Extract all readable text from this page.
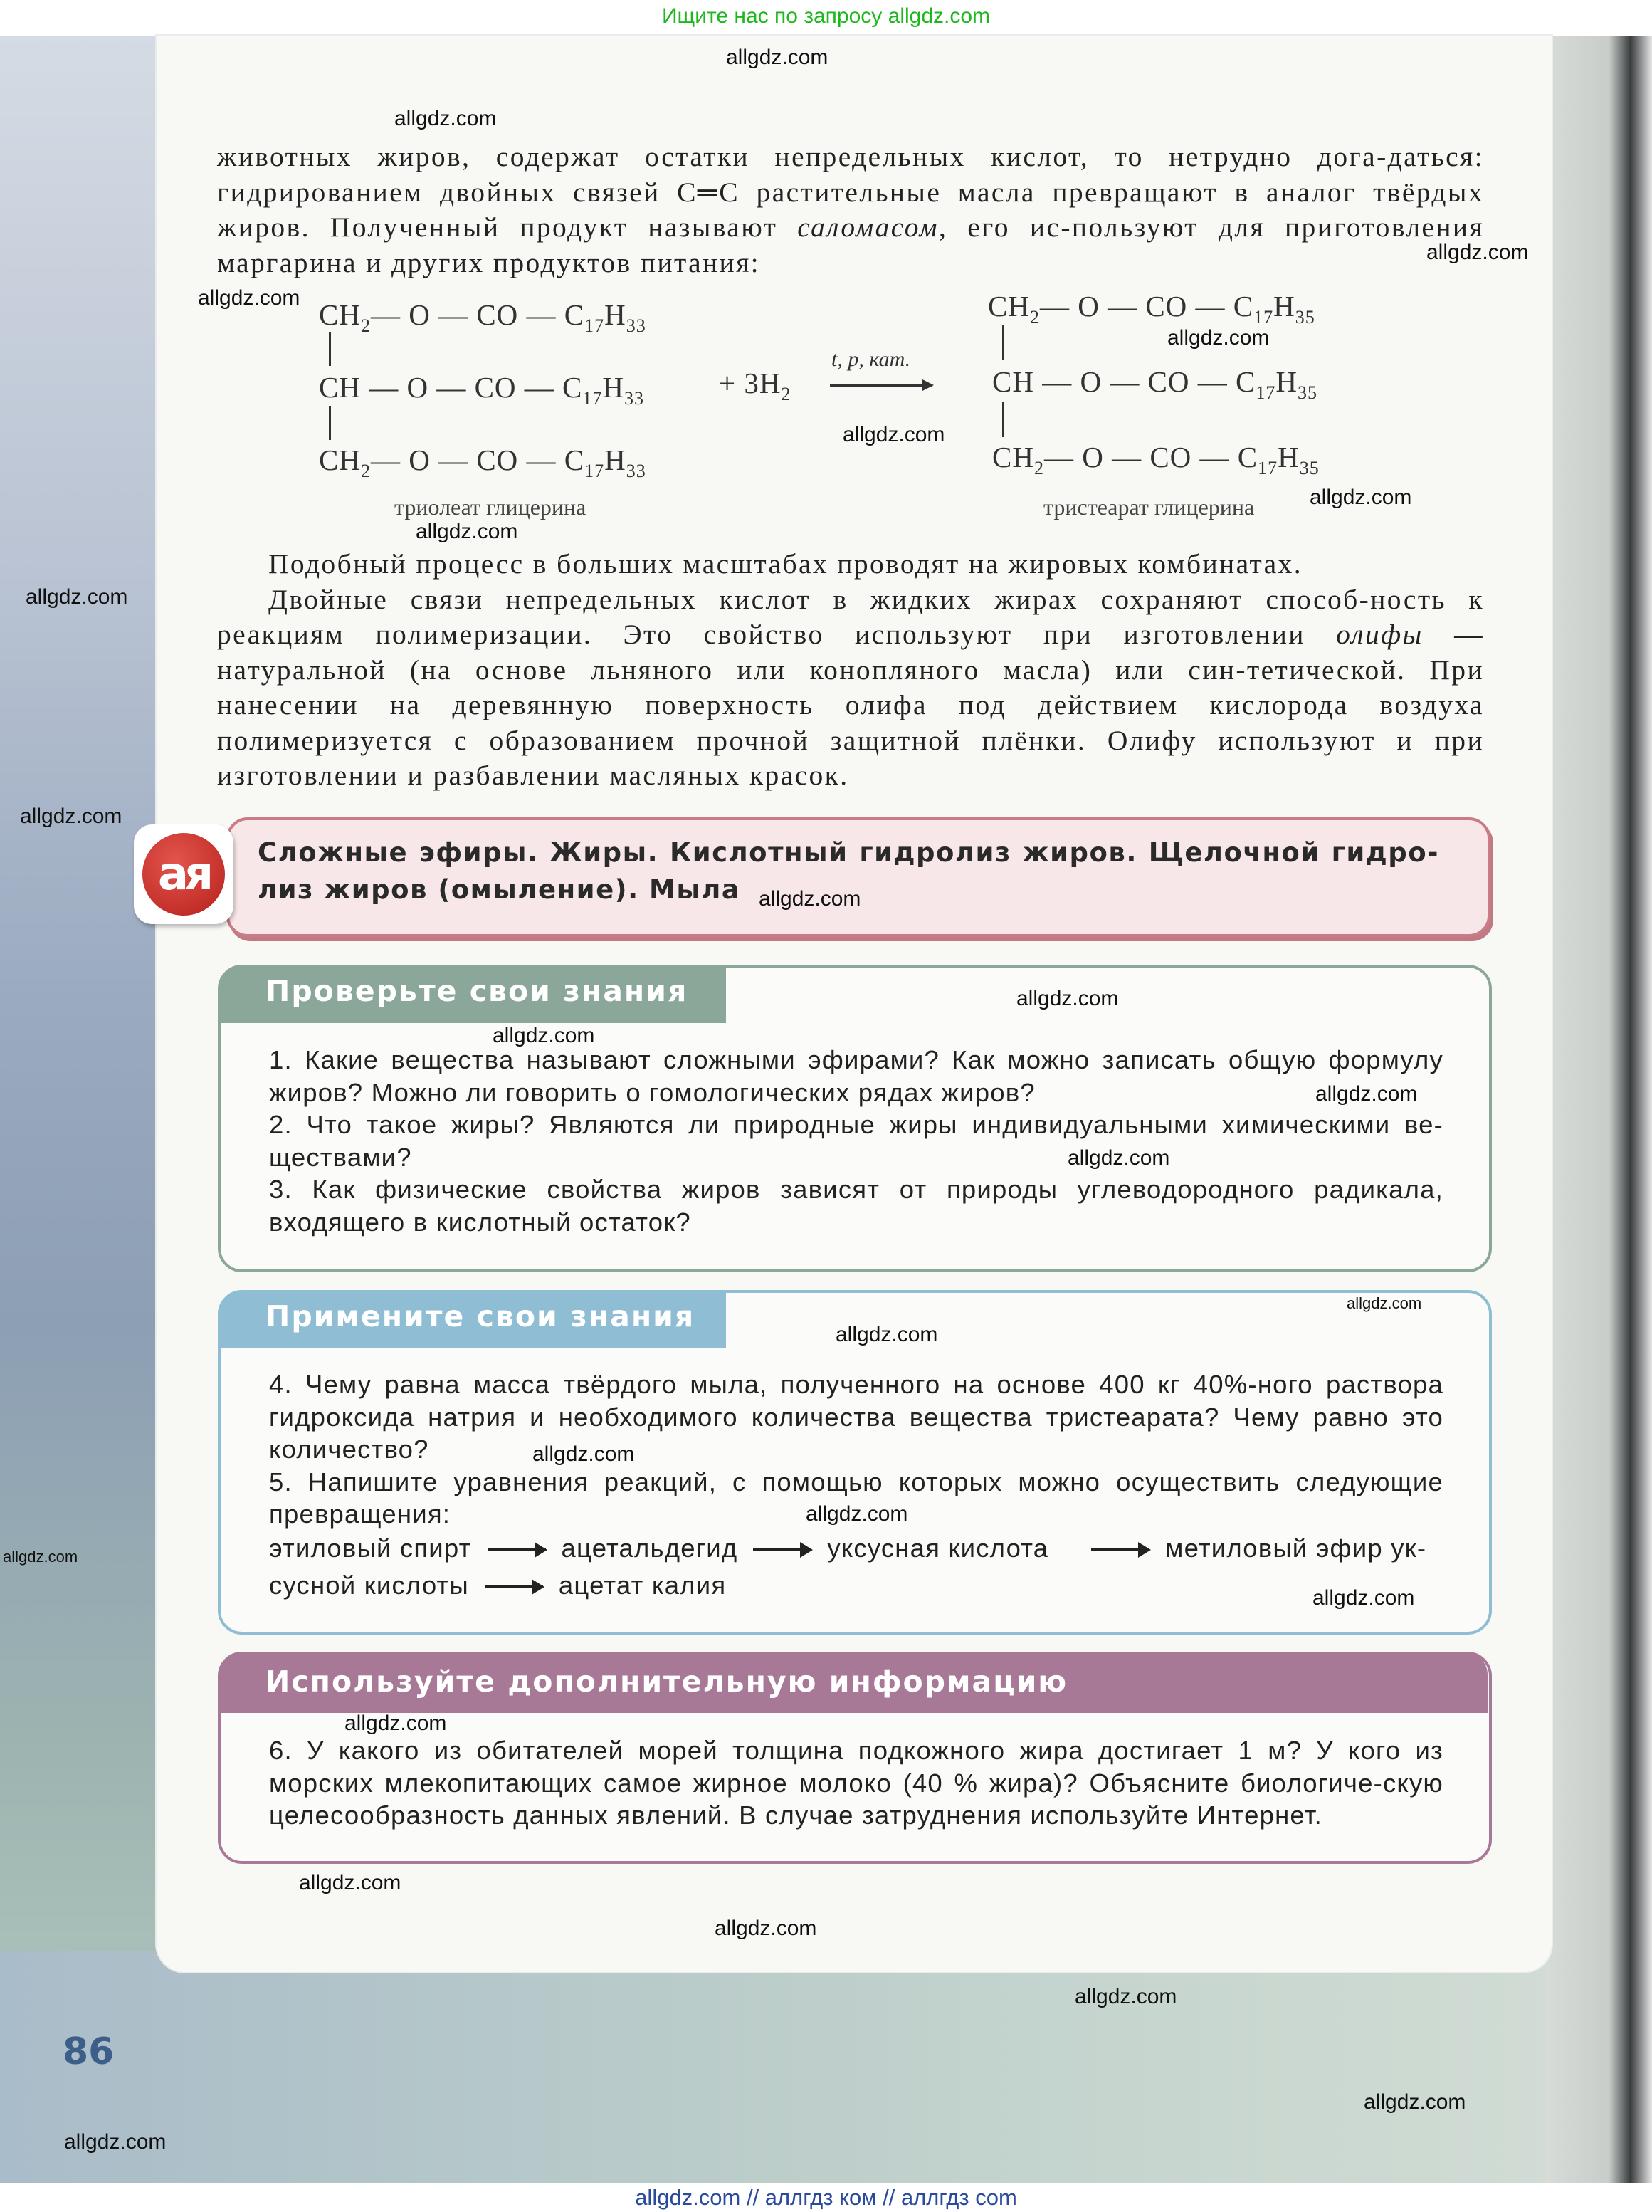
Ищите нас по запросу allgdz.com

животных жиров, содержат остатки непредельных кислот, то нетрудно дога-даться: гидрированием двойных связей C═C растительные масла превращают в аналог твёрдых жиров. Полученный продукт называют саломасом, его ис-пользуют для приготовления маргарина и других продуктов питания:

$CH_2—$ O — CO — $C_{17}H_{33}$
CH — O — CO — $C_{17}H_{33}$
$CH_2—$ O — CO — $C_{17}H_{33}$
триолеат глицерина
+ $3H_2$
t, p, кат.
$CH_2—$ O — CO — $C_{17}H_{35}$
CH — O — CO — $C_{17}H_{35}$
$CH_2—$ O — CO — $C_{17}H_{35}$
тристеарат глицерина

Подобный процесс в больших масштабах проводят на жировых комбинатах.

Двойные связи непредельных кислот в жидких жирах сохраняют способ-ность к реакциям полимеризации. Это свойство используют при изготовлении олифы — натуральной (на основе льняного или конопляного масла) или син-тетической. При нанесении на деревянную поверхность олифа под действием кислорода воздуха полимеризуется с образованием прочной защитной плёнки. Олифу используют и при изготовлении и разбавлении масляных красок.

ая	Сложные эфиры. Жиры. Кислотный гидролиз жиров. Щелочной гидро-лиз жиров (омыление). Мыла
Проверьте свои знания

1. Какие вещества называют сложными эфирами? Как можно записать общую формулу жиров? Можно ли говорить о гомологических рядах жиров?

2. Что такое жиры? Являются ли природные жиры индивидуальными химическими ве-ществами?

3. Как физические свойства жиров зависят от природы углеводородного радикала, входящего в кислотный остаток?

Примените свои знания

4. Чему равна масса твёрдого мыла, полученного на основе 400 кг 40%-ного раствора гидроксида натрия и необходимого количества вещества тристеарата? Чему равно это количество?

5. Напишите уравнения реакций, с помощью которых можно осуществить следующие превращения:

этиловый спирт	ацетальдегид	уксусная кислота	метиловый эфир ук-
сусной кислоты	ацетат калия
Используйте дополнительную информацию

6. У какого из обитателей морей толщина подкожного жира достигает 1 м? У кого из морских млекопитающих самое жирное молоко (40 % жира)? Объясните биологиче-скую целесообразность данных явлений. В случае затруднения используйте Интернет.

86
allgdz.com
allgdz.com
allgdz.com
allgdz.com
allgdz.com
allgdz.com
allgdz.com
allgdz.com
allgdz.com
allgdz.com
allgdz.com
allgdz.com
allgdz.com
allgdz.com
allgdz.com
allgdz.com
allgdz.com
allgdz.com
allgdz.com
allgdz.com
allgdz.com
allgdz.com
allgdz.com
allgdz.com
allgdz.com
allgdz.com
allgdz.com
allgdz.com // аллгдз ком // аллгдз com
